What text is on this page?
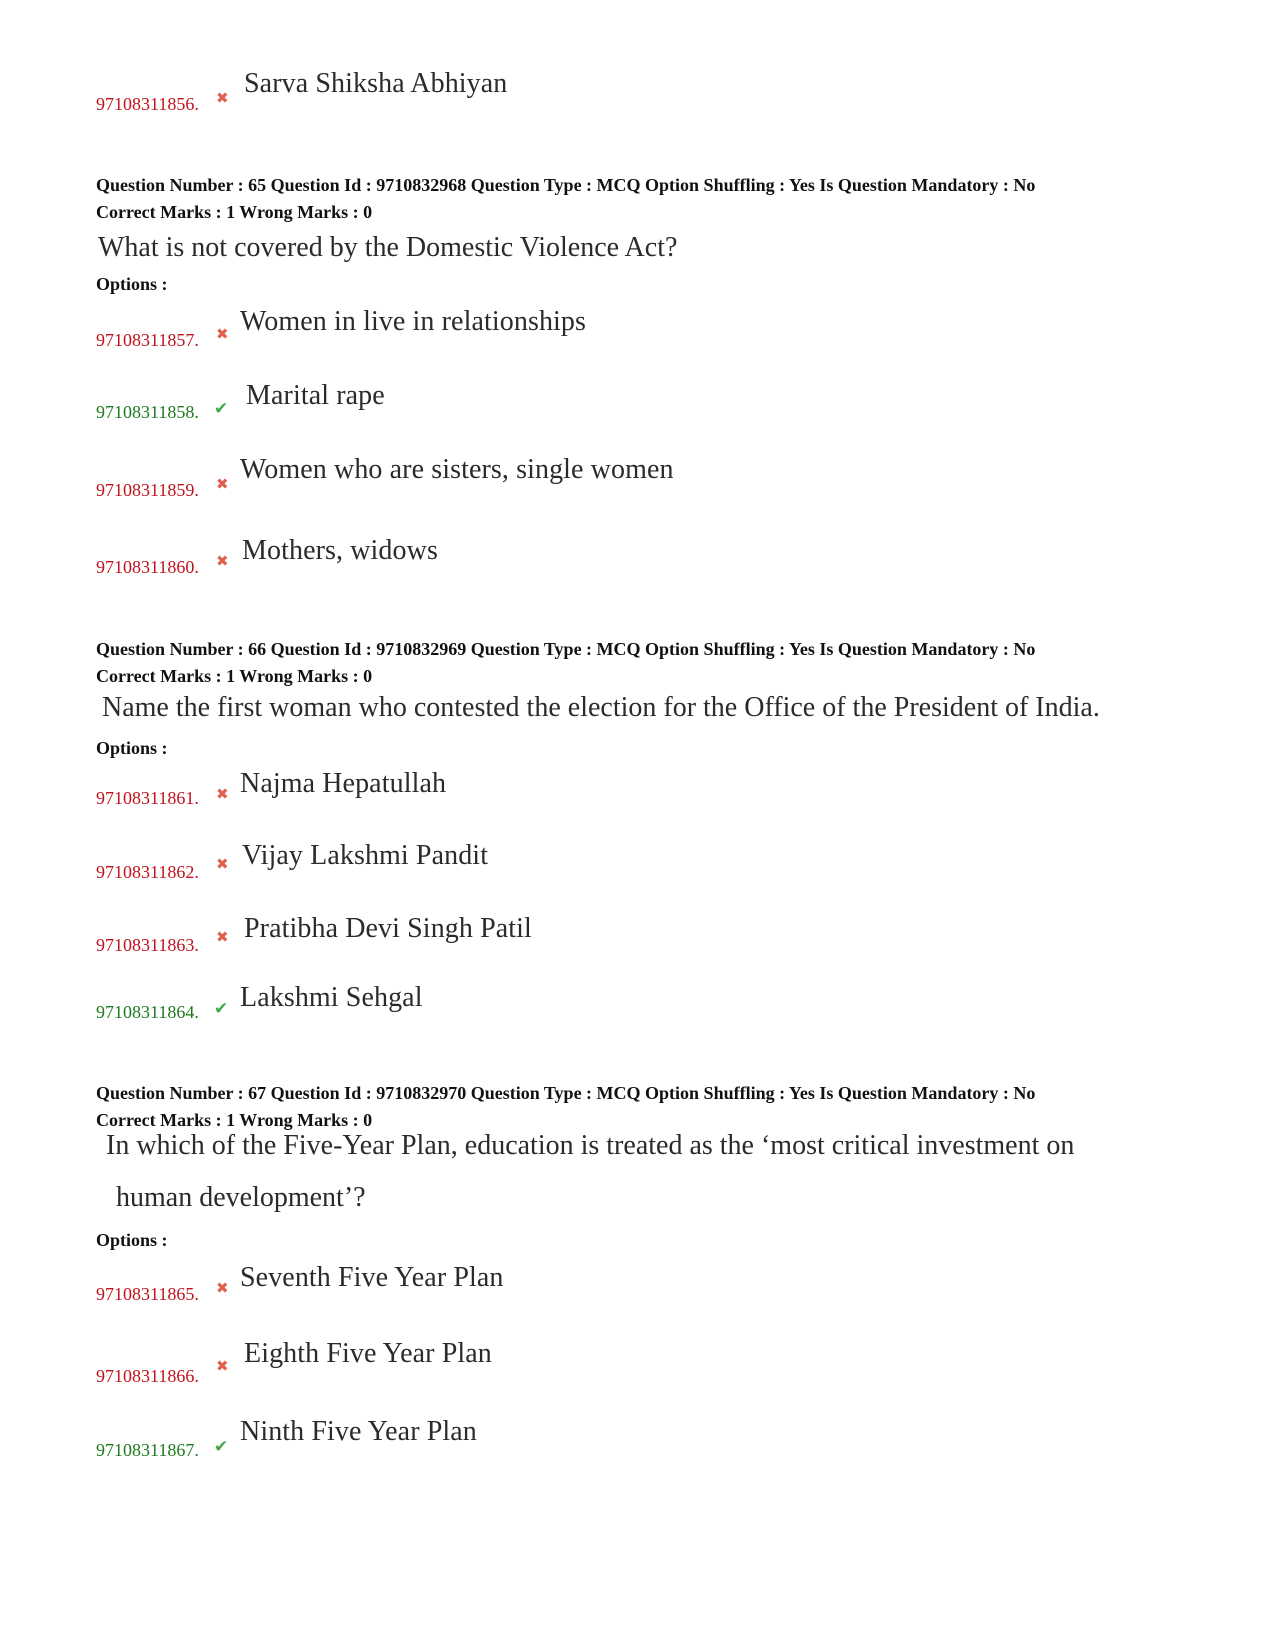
97108311856. ✖ Sarva Shiksha Abhiyan
Question Number : 65 Question Id : 9710832968 Question Type : MCQ Option Shuffling : Yes Is Question Mandatory : No
Correct Marks : 1 Wrong Marks : 0
What is not covered by the Domestic Violence Act?
Options :
97108311857. ✖ Women in live in relationships
97108311858. ✔ Marital rape
97108311859. ✖ Women who are sisters, single women
97108311860. ✖ Mothers, widows
Question Number : 66 Question Id : 9710832969 Question Type : MCQ Option Shuffling : Yes Is Question Mandatory : No
Correct Marks : 1 Wrong Marks : 0
Name the first woman who contested the election for the Office of the President of India.
Options :
97108311861. ✖ Najma Hepatullah
97108311862. ✖ Vijay Lakshmi Pandit
97108311863. ✖ Pratibha Devi Singh Patil
97108311864. ✔ Lakshmi Sehgal
Question Number : 67 Question Id : 9710832970 Question Type : MCQ Option Shuffling : Yes Is Question Mandatory : No
Correct Marks : 1 Wrong Marks : 0
In which of the Five-Year Plan, education is treated as the ‘most critical investment on
human development’?
Options :
97108311865. ✖ Seventh Five Year Plan
97108311866. ✖ Eighth Five Year Plan
97108311867. ✔ Ninth Five Year Plan
